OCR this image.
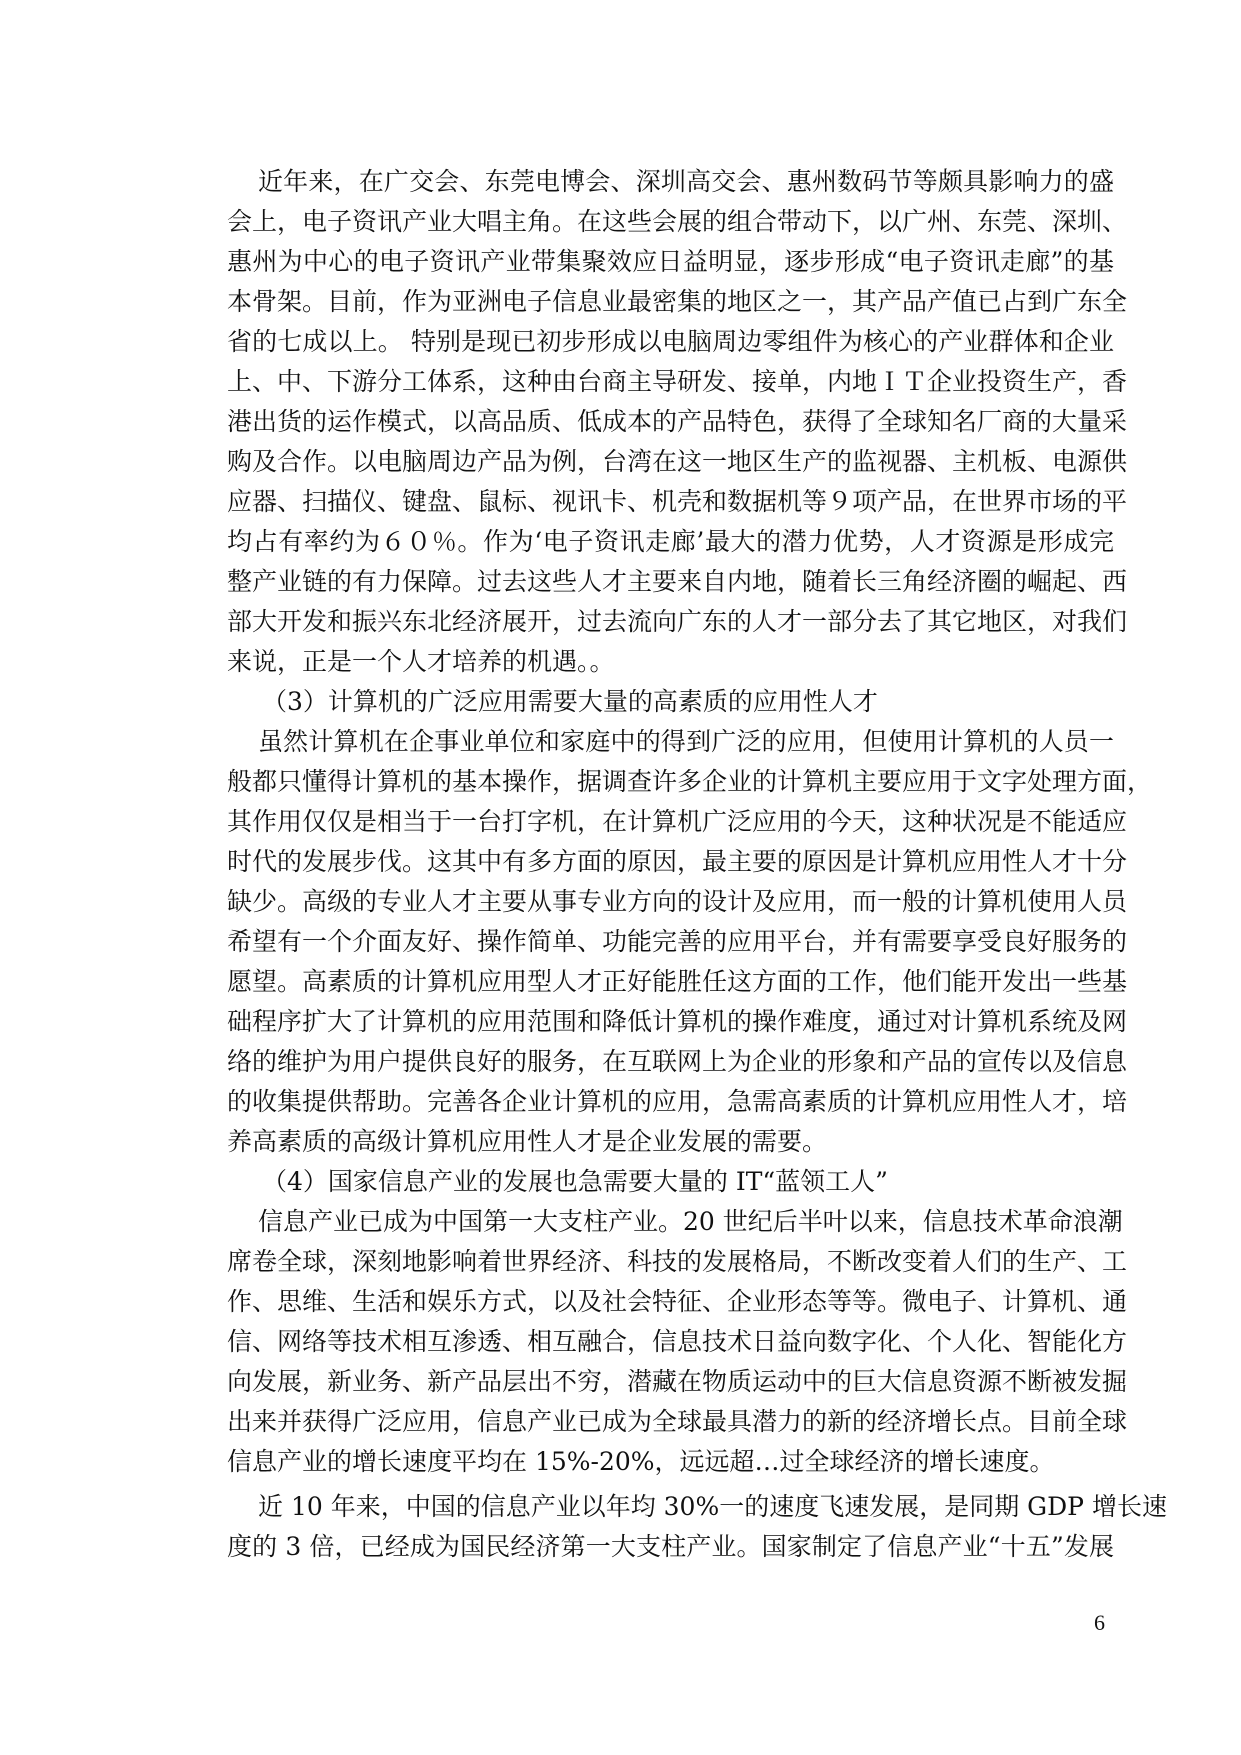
近年来，在广交会、东莞电博会、深圳高交会、惠州数码节等颇具影响力的盛
会上，电子资讯产业大唱主角。在这些会展的组合带动下，以广州、东莞、深圳、
惠州为中心的电子资讯产业带集聚效应日益明显，逐步形成“电子资讯走廊”的基
本骨架。目前，作为亚洲电子信息业最密集的地区之一，其产品产值已占到广东全
省的七成以上。 特别是现已初步形成以电脑周边零组件为核心的产业群体和企业
上、中、下游分工体系，这种由台商主导研发、接单，内地ＩＴ企业投资生产，香
港出货的运作模式，以高品质、低成本的产品特色，获得了全球知名厂商的大量采
购及合作。以电脑周边产品为例，台湾在这一地区生产的监视器、主机板、电源供
应器、扫描仪、键盘、鼠标、视讯卡、机壳和数据机等９项产品，在世界市场的平
均占有率约为６０％。作为‘电子资讯走廊’最大的潜力优势，人才资源是形成完
整产业链的有力保障。过去这些人才主要来自内地，随着长三角经济圈的崛起、西
部大开发和振兴东北经济展开，过去流向广东的人才一部分去了其它地区，对我们
来说，正是一个人才培养的机遇。。
（3）计算机的广泛应用需要大量的高素质的应用性人才
虽然计算机在企事业单位和家庭中的得到广泛的应用，但使用计算机的人员一
般都只懂得计算机的基本操作，据调查许多企业的计算机主要应用于文字处理方面，
其作用仅仅是相当于一台打字机，在计算机广泛应用的今天，这种状况是不能适应
时代的发展步伐。这其中有多方面的原因，最主要的原因是计算机应用性人才十分
缺少。高级的专业人才主要从事专业方向的设计及应用，而一般的计算机使用人员
希望有一个介面友好、操作简单、功能完善的应用平台，并有需要享受良好服务的
愿望。高素质的计算机应用型人才正好能胜任这方面的工作，他们能开发出一些基
础程序扩大了计算机的应用范围和降低计算机的操作难度，通过对计算机系统及网
络的维护为用户提供良好的服务，在互联网上为企业的形象和产品的宣传以及信息
的收集提供帮助。完善各企业计算机的应用，急需高素质的计算机应用性人才，培
养高素质的高级计算机应用性人才是企业发展的需要。
（4）国家信息产业的发展也急需要大量的 IT“蓝领工人”
信息产业已成为中国第一大支柱产业。20 世纪后半叶以来，信息技术革命浪潮
席卷全球，深刻地影响着世界经济、科技的发展格局，不断改变着人们的生产、工
作、思维、生活和娱乐方式，以及社会特征、企业形态等等。微电子、计算机、通
信、网络等技术相互渗透、相互融合，信息技术日益向数字化、个人化、智能化方
向发展，新业务、新产品层出不穷，潜藏在物质运动中的巨大信息资源不断被发掘
出来并获得广泛应用，信息产业已成为全球最具潜力的新的经济增长点。目前全球
信息产业的增长速度平均在 15%-20%，远远超…过全球经济的增长速度。
近 10 年来，中国的信息产业以年均 30%一的速度飞速发展，是同期 GDP 增长速
度的 3 倍，已经成为国民经济第一大支柱产业。国家制定了信息产业“十五”发展
6
